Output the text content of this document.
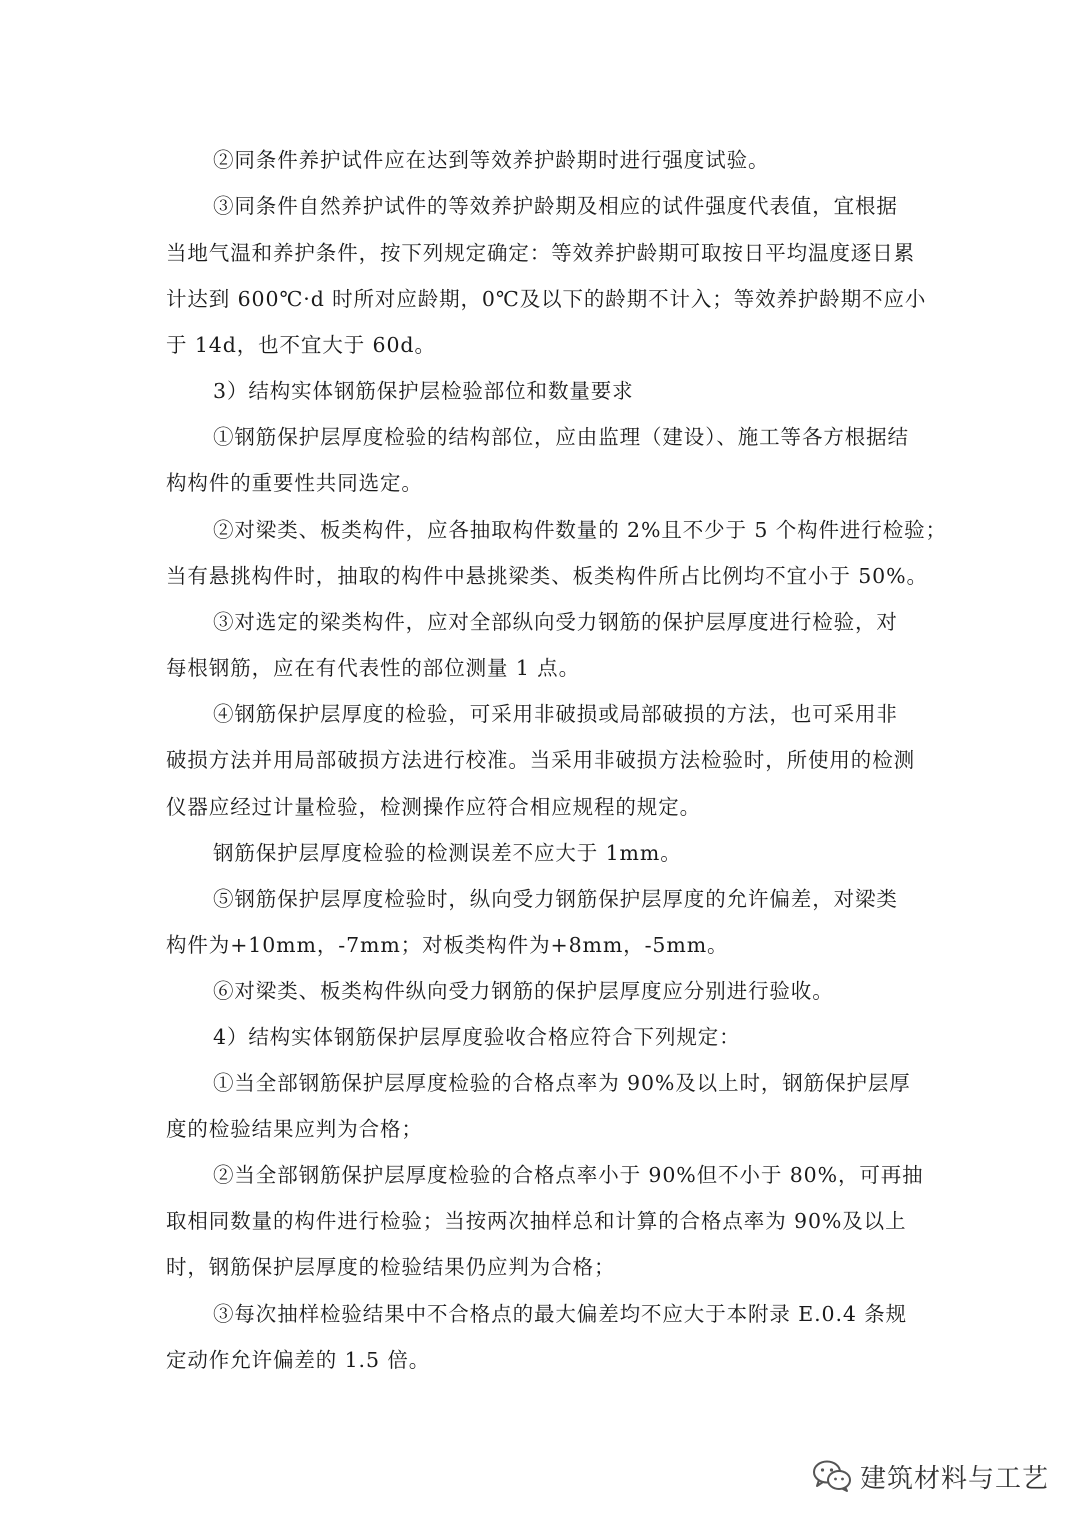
②同条件养护试件应在达到等效养护龄期时进行强度试验。
③同条件自然养护试件的等效养护龄期及相应的试件强度代表值，宜根据
当地气温和养护条件，按下列规定确定：等效养护龄期可取按日平均温度逐日累
计达到 600℃·d 时所对应龄期，0℃及以下的龄期不计入；等效养护龄期不应小
于 14d，也不宜大于 60d。
3）结构实体钢筋保护层检验部位和数量要求
①钢筋保护层厚度检验的结构部位，应由监理（建设）、施工等各方根据结
构构件的重要性共同选定。
②对梁类、板类构件，应各抽取构件数量的 2%且不少于 5 个构件进行检验；
当有悬挑构件时，抽取的构件中悬挑梁类、板类构件所占比例均不宜小于 50%。
③对选定的梁类构件，应对全部纵向受力钢筋的保护层厚度进行检验，对
每根钢筋，应在有代表性的部位测量 1 点。
④钢筋保护层厚度的检验，可采用非破损或局部破损的方法，也可采用非
破损方法并用局部破损方法进行校准。当采用非破损方法检验时，所使用的检测
仪器应经过计量检验，检测操作应符合相应规程的规定。
钢筋保护层厚度检验的检测误差不应大于 1mm。
⑤钢筋保护层厚度检验时，纵向受力钢筋保护层厚度的允许偏差，对梁类
构件为+10mm，-7mm；对板类构件为+8mm，-5mm。
⑥对梁类、板类构件纵向受力钢筋的保护层厚度应分别进行验收。
4）结构实体钢筋保护层厚度验收合格应符合下列规定：
①当全部钢筋保护层厚度检验的合格点率为 90%及以上时，钢筋保护层厚
度的检验结果应判为合格；
②当全部钢筋保护层厚度检验的合格点率小于 90%但不小于 80%，可再抽
取相同数量的构件进行检验；当按两次抽样总和计算的合格点率为 90%及以上
时，钢筋保护层厚度的检验结果仍应判为合格；
③每次抽样检验结果中不合格点的最大偏差均不应大于本附录 E.0.4 条规
定动作允许偏差的 1.5 倍。
建筑材料与工艺
